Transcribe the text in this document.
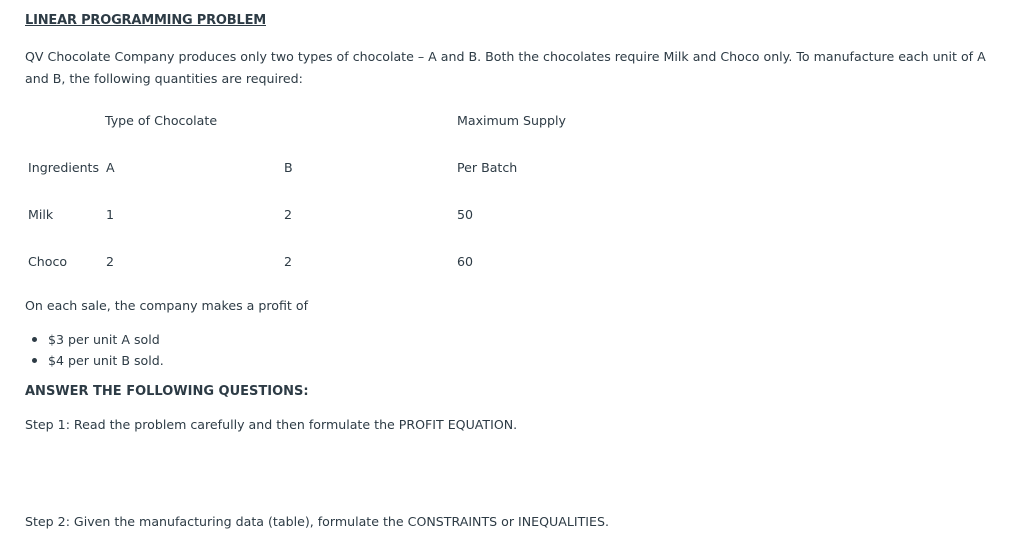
LINEAR PROGRAMMING PROBLEM
QV Chocolate Company produces only two types of chocolate – A and B. Both the chocolates require Milk and Choco only. To manufacture each unit of A and B, the following quantities are required:
Type of Chocolate	Maximum Supply
Ingredients A	B	Per Batch
Milk	1	2	50
Choco	2	2	60
On each sale, the company makes a profit of
$3 per unit A sold
$4 per unit B sold.
ANSWER THE FOLLOWING QUESTIONS:
Step 1: Read the problem carefully and then formulate the PROFIT EQUATION.
Step 2: Given the manufacturing data (table), formulate the CONSTRAINTS or INEQUALITIES.
